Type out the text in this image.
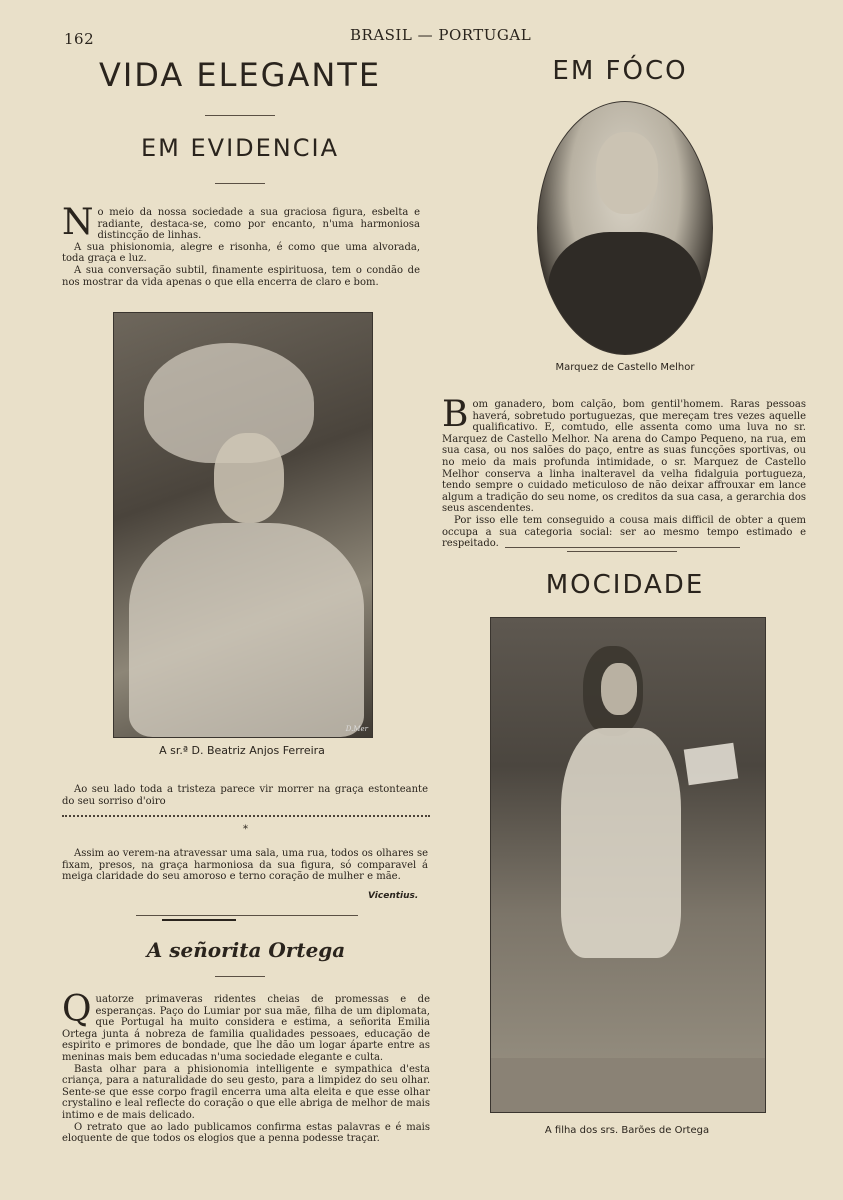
162	BRASIL — PORTUGAL
VIDA ELEGANTE
EM EVIDENCIA
N o meio da nossa sociedade a sua graciosa figura, esbelta e radiante, destaca-se, como por encanto, n'uma harmoniosa distincção de linhas.

A sua phisionomia, alegre e risonha, é como que uma alvorada, toda graça e luz.

A sua conversação subtil, finamente espirituosa, tem o condão de nos mostrar da vida apenas o que ella encerra de claro e bom.

D.Mer
A sr.ª D. Beatriz Anjos Ferreira

Ao seu lado toda a tristeza parece vir morrer na graça estonteante do seu sorriso d'oiro

*

Assim ao verem-na atravessar uma sala, uma rua, todos os olhares se fixam, presos, na graça harmoniosa da sua figura, só comparavel á meiga claridade do seu amoroso e terno coração de mulher e mãe.

Vicentius.
A señorita Ortega
Q uatorze primaveras ridentes cheias de promessas e de esperanças. Paço do Lumiar por sua mãe, filha de um diplomata, que Portugal ha muito considera e estima, a señorita Emilia Ortega junta á nobreza de familia qualidades pessoaes, educação de espirito e primores de bondade, que lhe dão um logar áparte entre as meninas mais bem educadas n'uma sociedade elegante e culta.

Basta olhar para a phisionomia intelligente e sympathica d'esta criança, para a naturalidade do seu gesto, para a limpidez do seu olhar. Sente-se que esse corpo fragil encerra uma alta eleita e que esse olhar crystalino e leal reflecte do coração o que elle abriga de melhor de mais intimo e de mais delicado.

O retrato que ao lado publicamos confirma estas palavras e é mais eloquente de que todos os elogios que a penna podesse traçar.

EM FÓCO
Marquez de Castello Melhor
B om ganadero, bom calção, bom gentil'homem. Raras pessoas haverá, sobretudo portuguezas, que mereçam tres vezes aquelle qualificativo. E, comtudo, elle assenta como uma luva no sr. Marquez de Castello Melhor. Na arena do Campo Pequeno, na rua, em sua casa, ou nos salões do paço, entre as suas funcções sportivas, ou no meio da mais profunda intimidade, o sr. Marquez de Castello Melhor conserva a linha inalteravel da velha fidalguia portugueza, tendo sempre o cuidado meticuloso de não deixar affrouxar em lance algum a tradição do seu nome, os creditos da sua casa, a gerarchia dos seus ascendentes.

Por isso elle tem conseguido a cousa mais difficil de obter a quem occupa a sua categoria social: ser ao mesmo tempo estimado e respeitado.

MOCIDADE
A filha dos srs. Barões de Ortega
